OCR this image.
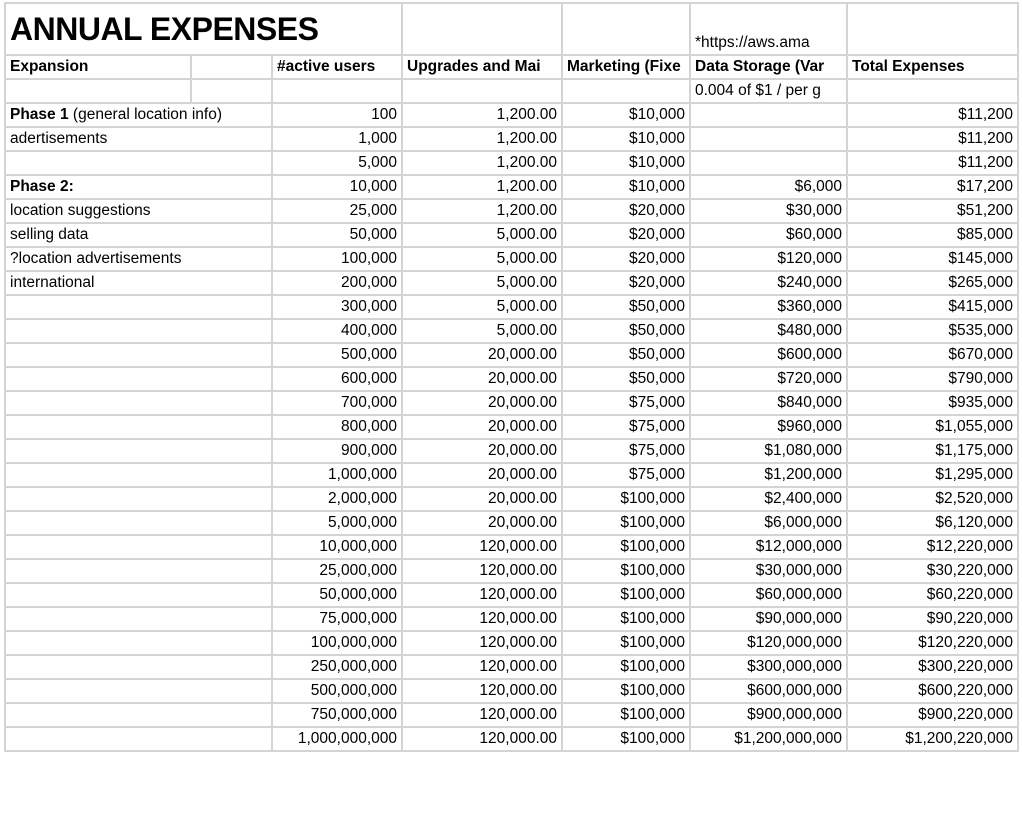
ANNUAL EXPENSES					*https://aws.ama	
Expansion		#active users	Upgrades and Mai	Marketing (Fixe	Data Storage (Var	Total Expenses
					0.004 of $1 / per g	
Phase 1 (general location info)		100	1,200.00	$10,000		$11,200
adertisements		1,000	1,200.00	$10,000		$11,200
		5,000	1,200.00	$10,000		$11,200
Phase 2:		10,000	1,200.00	$10,000	$6,000	$17,200
location suggestions		25,000	1,200.00	$20,000	$30,000	$51,200
selling data		50,000	5,000.00	$20,000	$60,000	$85,000
?location advertisements		100,000	5,000.00	$20,000	$120,000	$145,000
international		200,000	5,000.00	$20,000	$240,000	$265,000
		300,000	5,000.00	$50,000	$360,000	$415,000
		400,000	5,000.00	$50,000	$480,000	$535,000
		500,000	20,000.00	$50,000	$600,000	$670,000
		600,000	20,000.00	$50,000	$720,000	$790,000
		700,000	20,000.00	$75,000	$840,000	$935,000
		800,000	20,000.00	$75,000	$960,000	$1,055,000
		900,000	20,000.00	$75,000	$1,080,000	$1,175,000
		1,000,000	20,000.00	$75,000	$1,200,000	$1,295,000
		2,000,000	20,000.00	$100,000	$2,400,000	$2,520,000
		5,000,000	20,000.00	$100,000	$6,000,000	$6,120,000
		10,000,000	120,000.00	$100,000	$12,000,000	$12,220,000
		25,000,000	120,000.00	$100,000	$30,000,000	$30,220,000
		50,000,000	120,000.00	$100,000	$60,000,000	$60,220,000
		75,000,000	120,000.00	$100,000	$90,000,000	$90,220,000
		100,000,000	120,000.00	$100,000	$120,000,000	$120,220,000
		250,000,000	120,000.00	$100,000	$300,000,000	$300,220,000
		500,000,000	120,000.00	$100,000	$600,000,000	$600,220,000
		750,000,000	120,000.00	$100,000	$900,000,000	$900,220,000
		1,000,000,000	120,000.00	$100,000	$1,200,000,000	$1,200,220,000
